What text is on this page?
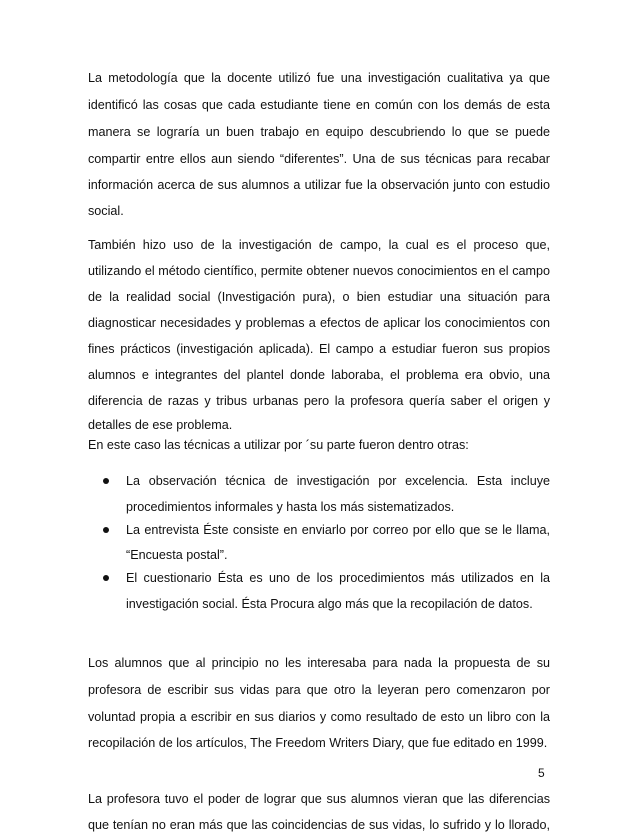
La metodología que la docente utilizó fue una investigación cualitativa ya que
identificó las cosas que cada estudiante tiene en común con los demás de esta
manera se lograría un buen trabajo en equipo descubriendo lo que se puede
compartir entre ellos aun siendo “diferentes”. Una de sus técnicas para recabar
información acerca de sus alumnos a utilizar fue la observación junto con estudio
social.
También hizo uso de la investigación de campo, la cual es el proceso que,
utilizando el método científico, permite obtener nuevos conocimientos en el campo
de la realidad social (Investigación pura), o bien estudiar una situación para
diagnosticar necesidades y problemas a efectos de aplicar los conocimientos con
fines prácticos (investigación aplicada). El campo a estudiar fueron sus propios
alumnos e integrantes del plantel donde laboraba, el problema era obvio, una
diferencia de razas y tribus urbanas pero la profesora quería saber el origen y
detalles de ese problema.
En este caso las técnicas a utilizar por ´su parte fueron dentro otras:
La observación técnica de investigación por excelencia. Esta incluye
procedimientos informales y hasta los más sistematizados.
La entrevista Éste consiste en enviarlo por correo por ello que se le llama,
“Encuesta postal”.
El cuestionario Ésta es uno de los procedimientos más utilizados en la
investigación social. Ésta Procura algo más que la recopilación de datos.
Los alumnos que al principio no les interesaba para nada la propuesta de su
profesora de escribir sus vidas para que otro la leyeran pero comenzaron por
voluntad propia a escribir en sus diarios y como resultado de esto un libro con la
recopilación de los artículos, The Freedom Writers Diary, que fue editado en 1999.
La profesora tuvo el poder de lograr que sus alumnos vieran que las diferencias
que tenían no eran más que las coincidencias de sus vidas, lo sufrido y lo llorado,
5
